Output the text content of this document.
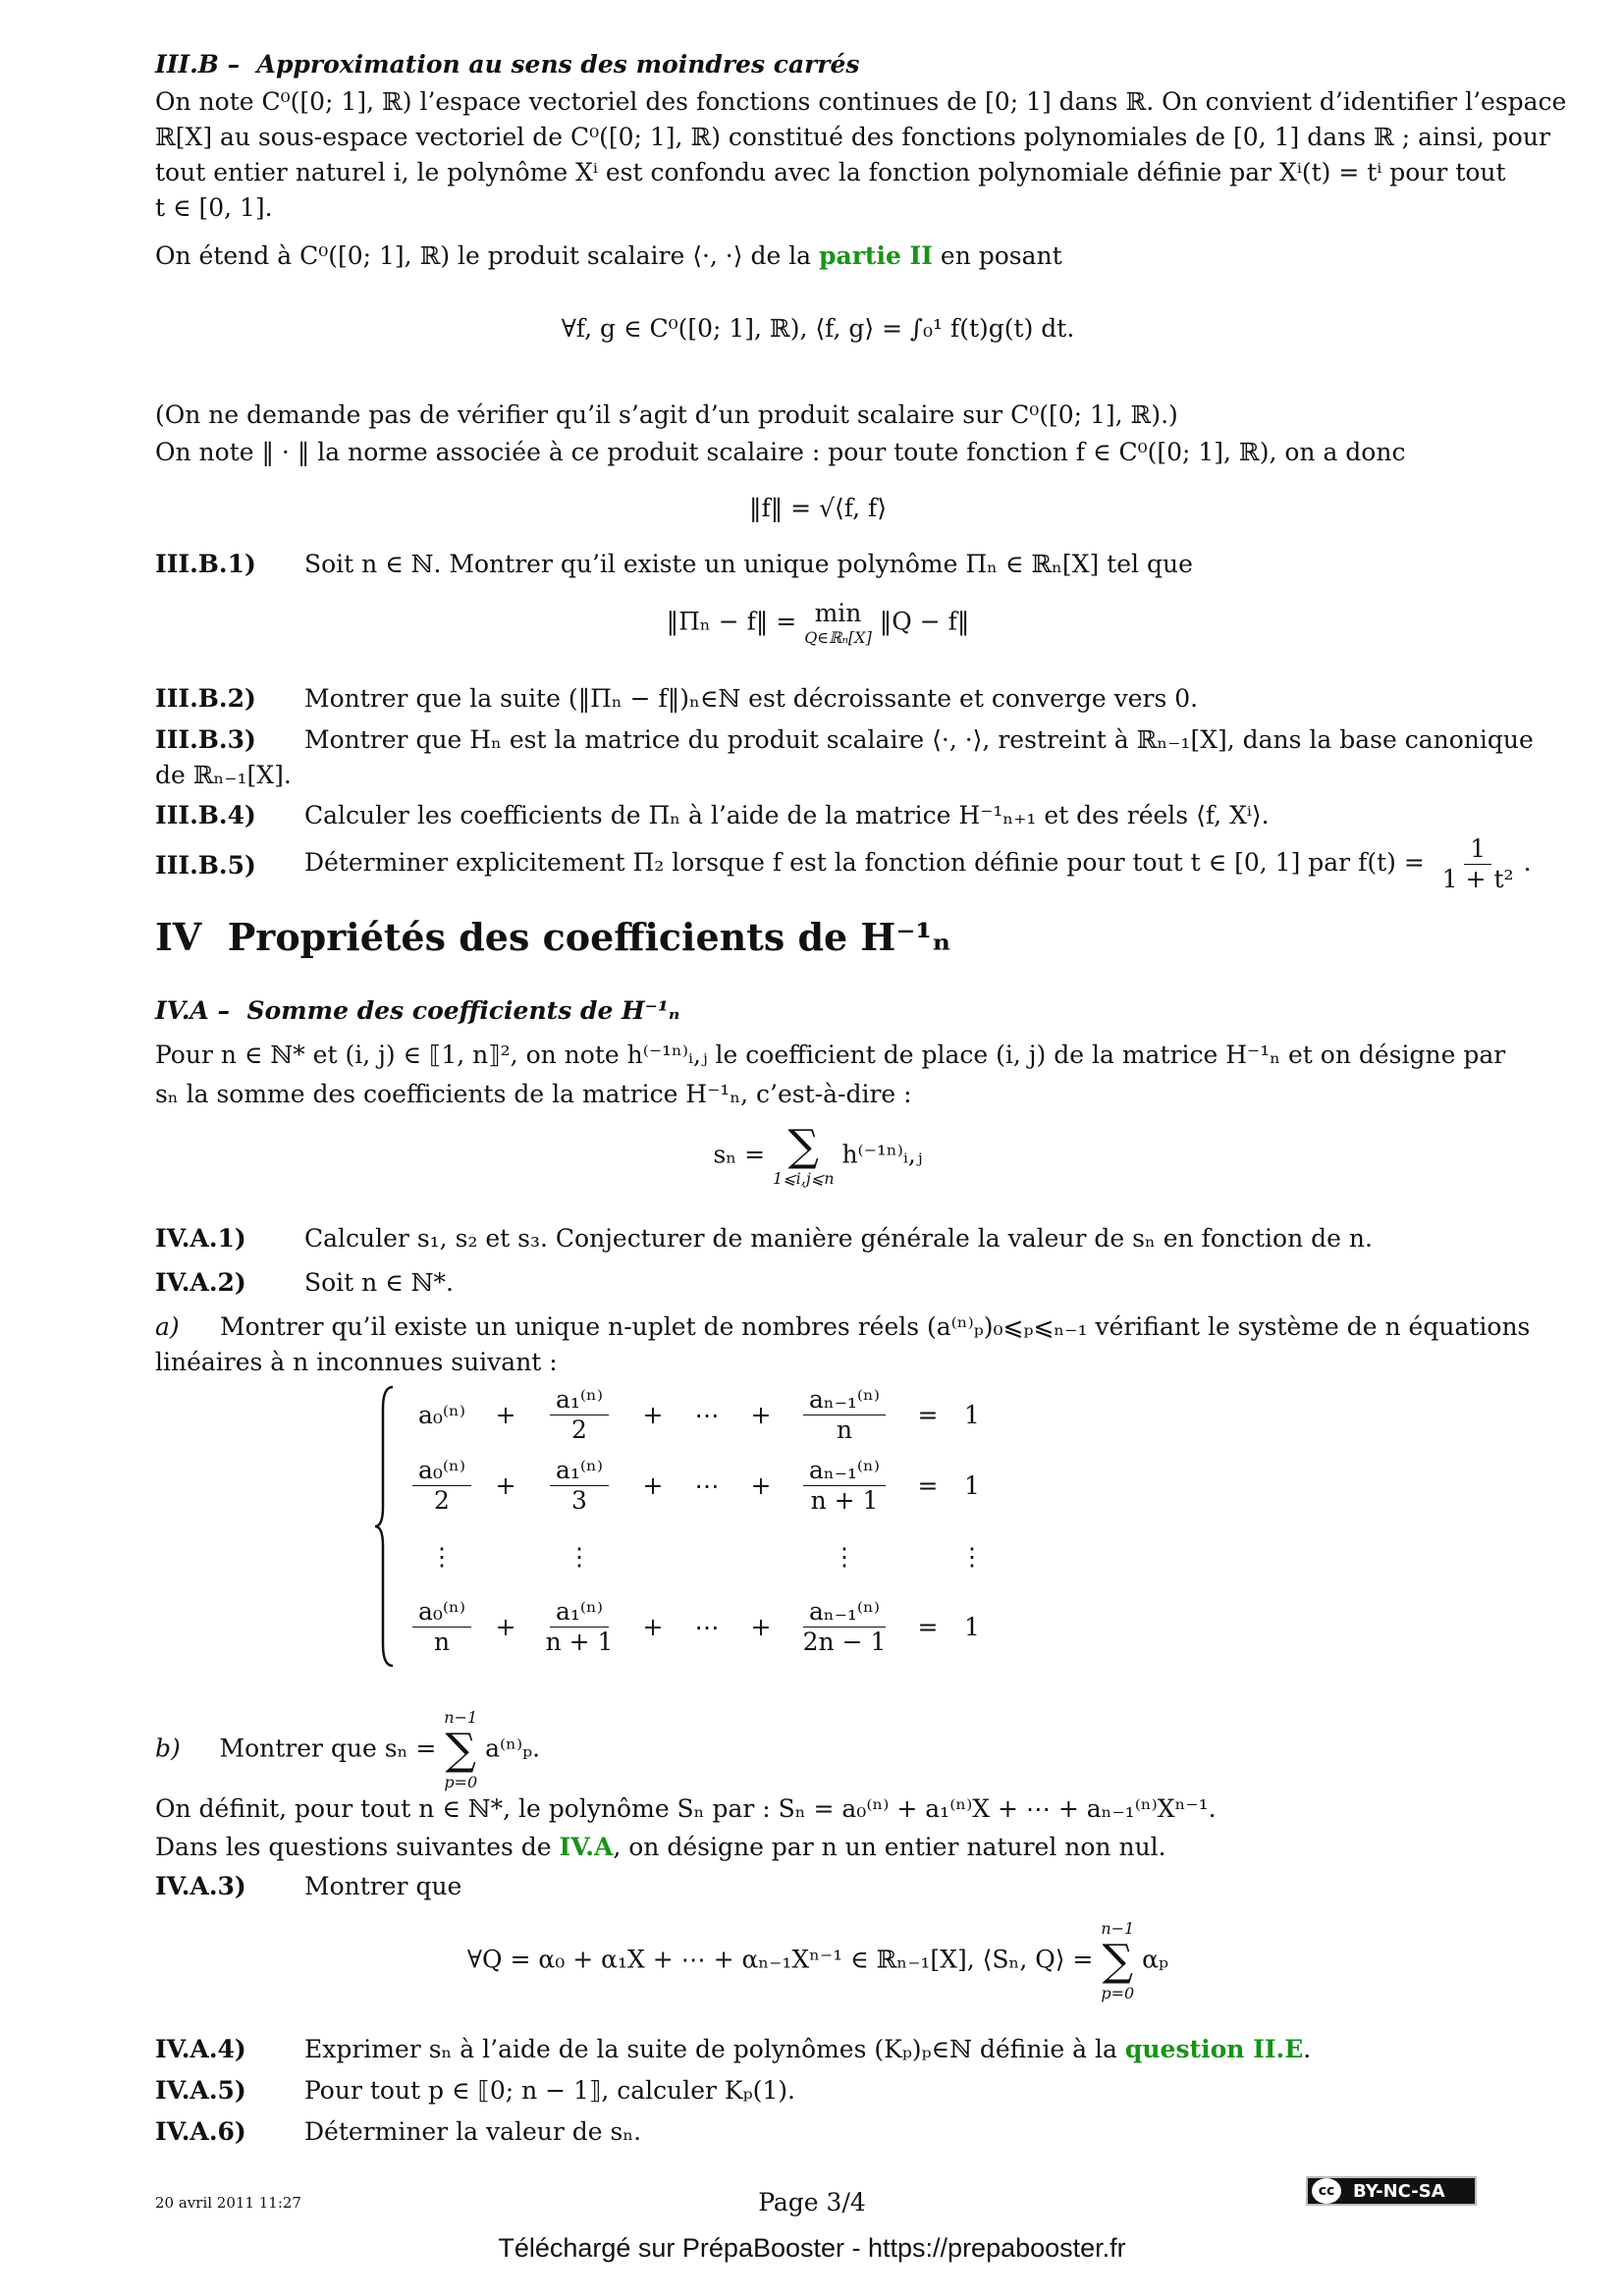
III.B – Approximation au sens des moindres carrés
On note C⁰([0; 1], ℝ) l’espace vectoriel des fonctions continues de [0; 1] dans ℝ. On convient d’identifier l’espace
ℝ[X] au sous-espace vectoriel de C⁰([0; 1], ℝ) constitué des fonctions polynomiales de [0, 1] dans ℝ ; ainsi, pour
tout entier naturel i, le polynôme Xⁱ est confondu avec la fonction polynomiale définie par Xⁱ(t) = tⁱ pour tout
t ∈ [0, 1].
On étend à C⁰([0; 1], ℝ) le produit scalaire ⟨·, ·⟩ de la partie II en posant
∀f, g ∈ C⁰([0; 1], ℝ), ⟨f, g⟩ = ∫₀¹ f(t)g(t) dt.
(On ne demande pas de vérifier qu’il s’agit d’un produit scalaire sur C⁰([0; 1], ℝ).)
On note ‖ · ‖ la norme associée à ce produit scalaire : pour toute fonction f ∈ C⁰([0; 1], ℝ), on a donc
‖f‖ = √⟨f, f⟩
III.B.1) Soit n ∈ ℕ. Montrer qu’il existe un unique polynôme Πₙ ∈ ℝₙ[X] tel que
‖Πₙ − f‖ = min
Q∈ℝₙ[X]
‖Q − f‖
III.B.2) Montrer que la suite (‖Πₙ − f‖)ₙ∈ℕ est décroissante et converge vers 0.
III.B.3) Montrer que Hₙ est la matrice du produit scalaire ⟨·, ·⟩, restreint à ℝₙ₋₁[X], dans la base canonique
de ℝₙ₋₁[X].
III.B.4) Calculer les coefficients de Πₙ à l’aide de la matrice H⁻¹ₙ₊₁ et des réels ⟨f, Xⁱ⟩.
III.B.5) Déterminer explicitement Π₂ lorsque f est la fonction définie pour tout t ∈ [0, 1] par $f(t) = \frac{1}{\text{1 + t²}}$ .
IV Propriétés des coefficients de H⁻¹ₙ
IV.A – Somme des coefficients de H⁻¹ₙ
Pour n ∈ ℕ* et (i, j) ∈ ⟦1, n⟧², on note h⁽⁻¹ⁿ⁾ᵢ,ⱼ le coefficient de place (i, j) de la matrice H⁻¹ₙ et on désigne par
sₙ la somme des coefficients de la matrice H⁻¹ₙ, c’est-à-dire :
sₙ = ∑
1⩽i,j⩽n
h⁽⁻¹ⁿ⁾ᵢ,ⱼ
IV.A.1) Calculer s₁, s₂ et s₃. Conjecturer de manière générale la valeur de sₙ en fonction de n.
IV.A.2) Soit n ∈ ℕ*.
a) Montrer qu’il existe un unique n-uplet de nombres réels (a⁽ⁿ⁾ₚ)₀⩽ₚ⩽ₙ₋₁ vérifiant le système de n équations
linéaires à n inconnues suivant :
b) Montrer que sₙ =
n−1
∑
p=0
a⁽ⁿ⁾ₚ.
On définit, pour tout n ∈ ℕ*, le polynôme Sₙ par : Sₙ = a₀⁽ⁿ⁾ + a₁⁽ⁿ⁾X + ⋯ + aₙ₋₁⁽ⁿ⁾Xⁿ⁻¹.
Dans les questions suivantes de IV.A, on désigne par n un entier naturel non nul.
IV.A.3) Montrer que
∀Q = α₀ + α₁X + ⋯ + αₙ₋₁Xⁿ⁻¹ ∈ ℝₙ₋₁[X], ⟨Sₙ, Q⟩ =
n−1
∑
p=0
αₚ
IV.A.4) Exprimer sₙ à l’aide de la suite de polynômes (Kₚ)ₚ∈ℕ définie à la question II.E.
IV.A.5) Pour tout p ∈ ⟦0; n − 1⟧, calculer Kₚ(1).
IV.A.6) Déterminer la valeur de sₙ.
$a_0^{(n)} + \frac{\text{a₁⁽ⁿ⁾}}{2}$ + ⋯ + $\frac{\text{aₙ₋₁⁽ⁿ⁾}}{n} = 1$
$\frac{\text{a₀⁽ⁿ⁾}}{2} + \frac{\text{a₁⁽ⁿ⁾}}{3}$ + ⋯ + $\frac{\text{aₙ₋₁⁽ⁿ⁾}}{n + 1} = 1$
⋮	⋮	⋮	⋮
$\frac{\text{a₀⁽ⁿ⁾}}{n} + \frac{\text{a₁⁽ⁿ⁾}}{n + 1}$ + ⋯ + $\frac{\text{aₙ₋₁⁽ⁿ⁾}}{2n - 1} = 1$
20 avril 2011 11:27	Page 3/4	cc	BY-NC-SA
Téléchargé sur PrépaBooster - https://prepabooster.fr
